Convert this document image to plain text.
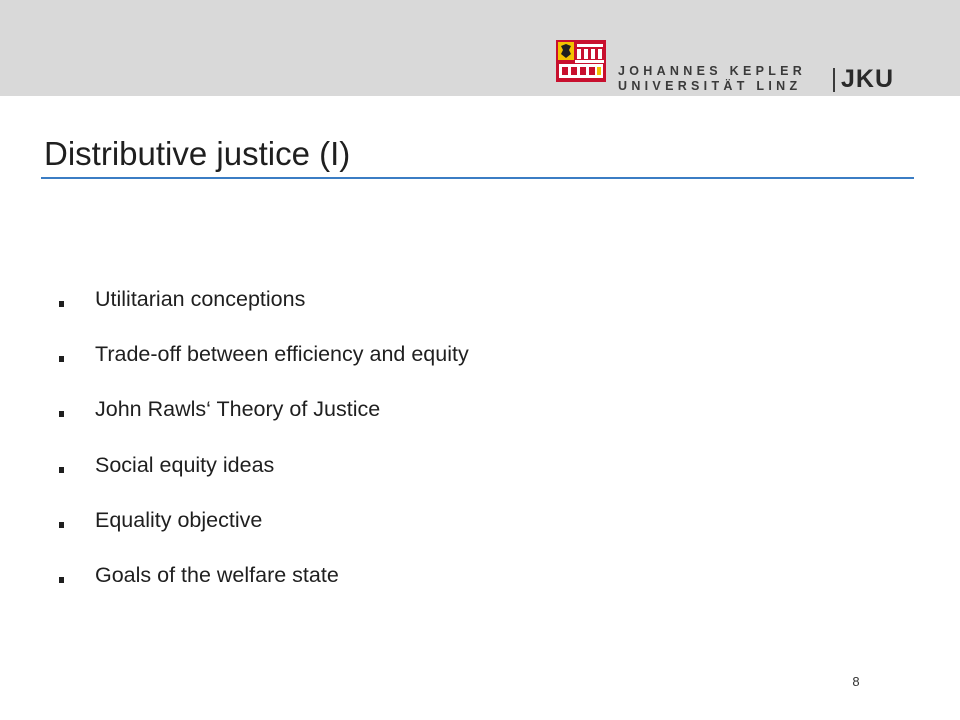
JOHANNES KEPLER
UNIVERSITÄT LINZ JKU
Distributive justice (I)
Utilitarian conceptions
Trade-off between efficiency and equity
John Rawls‘ Theory of Justice
Social equity ideas
Equality objective
Goals of the welfare state
8
